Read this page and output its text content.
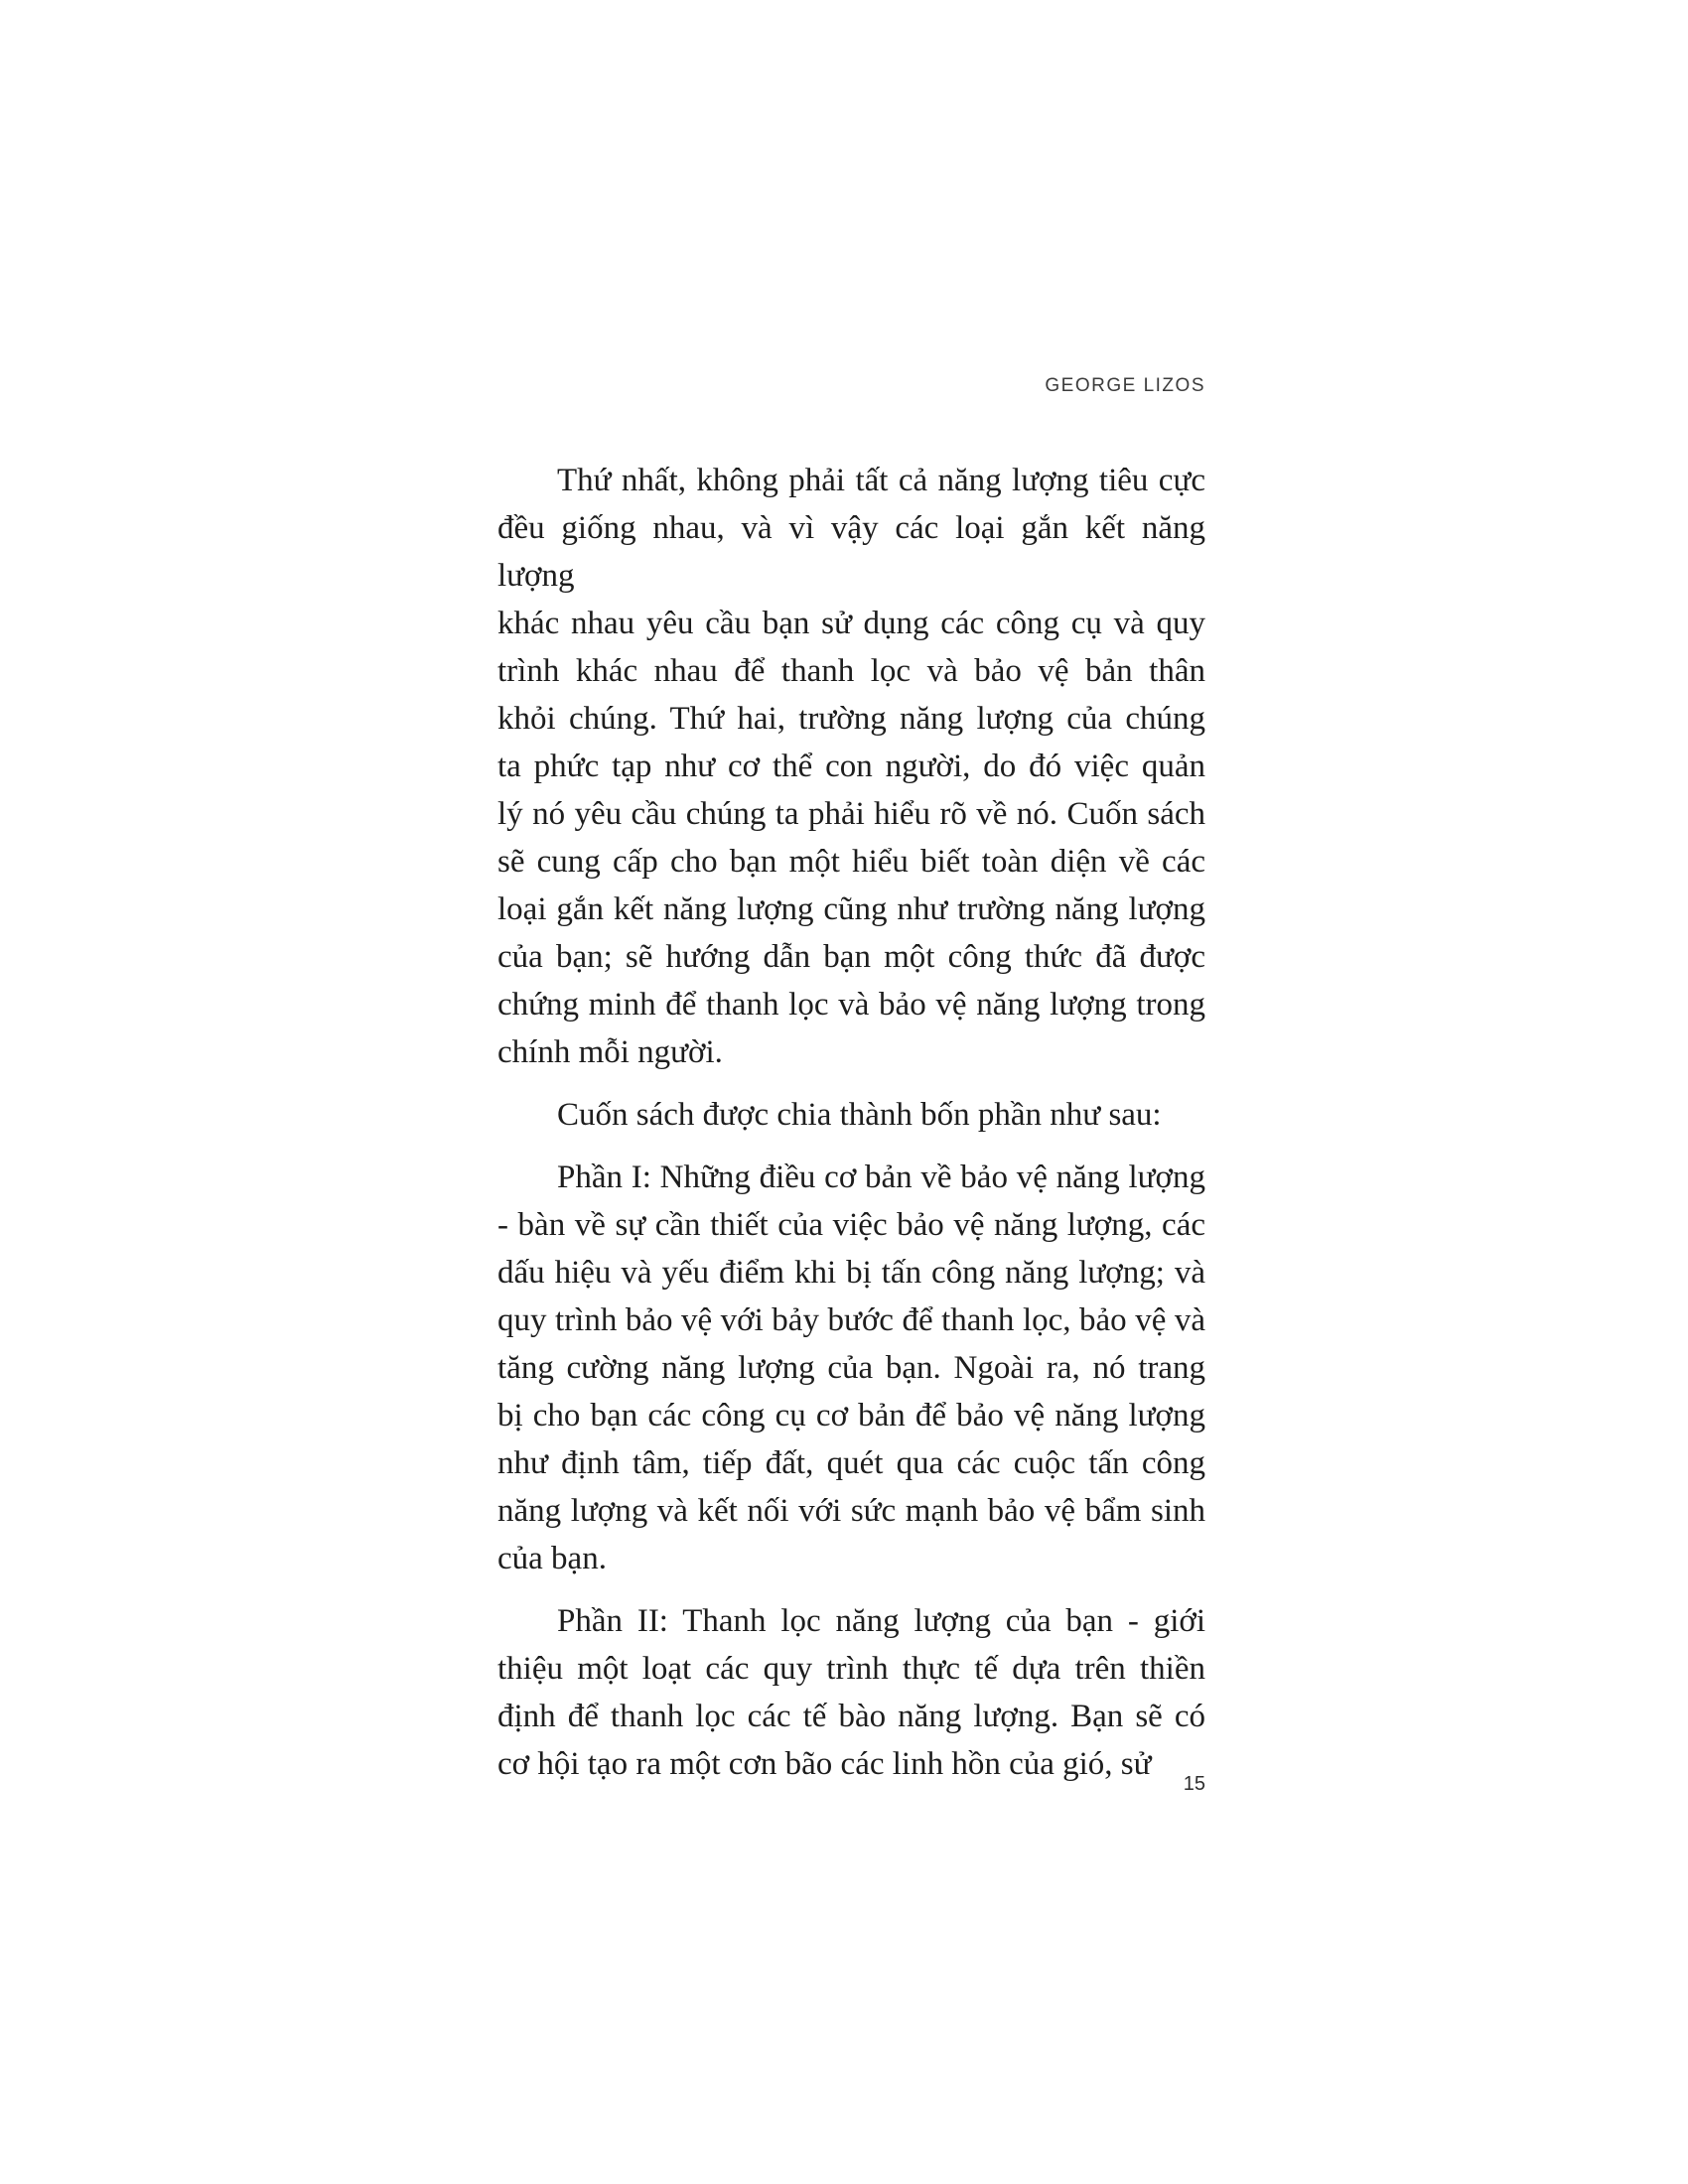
GEORGE LIZOS
Thứ nhất, không phải tất cả năng lượng tiêu cực
đều giống nhau, và vì vậy các loại gắn kết năng lượng
khác nhau yêu cầu bạn sử dụng các công cụ và quy
trình khác nhau để thanh lọc và bảo vệ bản thân
khỏi chúng. Thứ hai, trường năng lượng của chúng
ta phức tạp như cơ thể con người, do đó việc quản
lý nó yêu cầu chúng ta phải hiểu rõ về nó. Cuốn sách
sẽ cung cấp cho bạn một hiểu biết toàn diện về các
loại gắn kết năng lượng cũng như trường năng lượng
của bạn; sẽ hướng dẫn bạn một công thức đã được
chứng minh để thanh lọc và bảo vệ năng lượng trong
chính mỗi người.
Cuốn sách được chia thành bốn phần như sau:
Phần I: Những điều cơ bản về bảo vệ năng lượng
- bàn về sự cần thiết của việc bảo vệ năng lượng, các
dấu hiệu và yếu điểm khi bị tấn công năng lượng; và
quy trình bảo vệ với bảy bước để thanh lọc, bảo vệ và
tăng cường năng lượng của bạn. Ngoài ra, nó trang
bị cho bạn các công cụ cơ bản để bảo vệ năng lượng
như định tâm, tiếp đất, quét qua các cuộc tấn công
năng lượng và kết nối với sức mạnh bảo vệ bẩm sinh
của bạn.
Phần II: Thanh lọc năng lượng của bạn - giới
thiệu một loạt các quy trình thực tế dựa trên thiền
định để thanh lọc các tế bào năng lượng. Bạn sẽ có
cơ hội tạo ra một cơn bão các linh hồn của gió, sử
15
